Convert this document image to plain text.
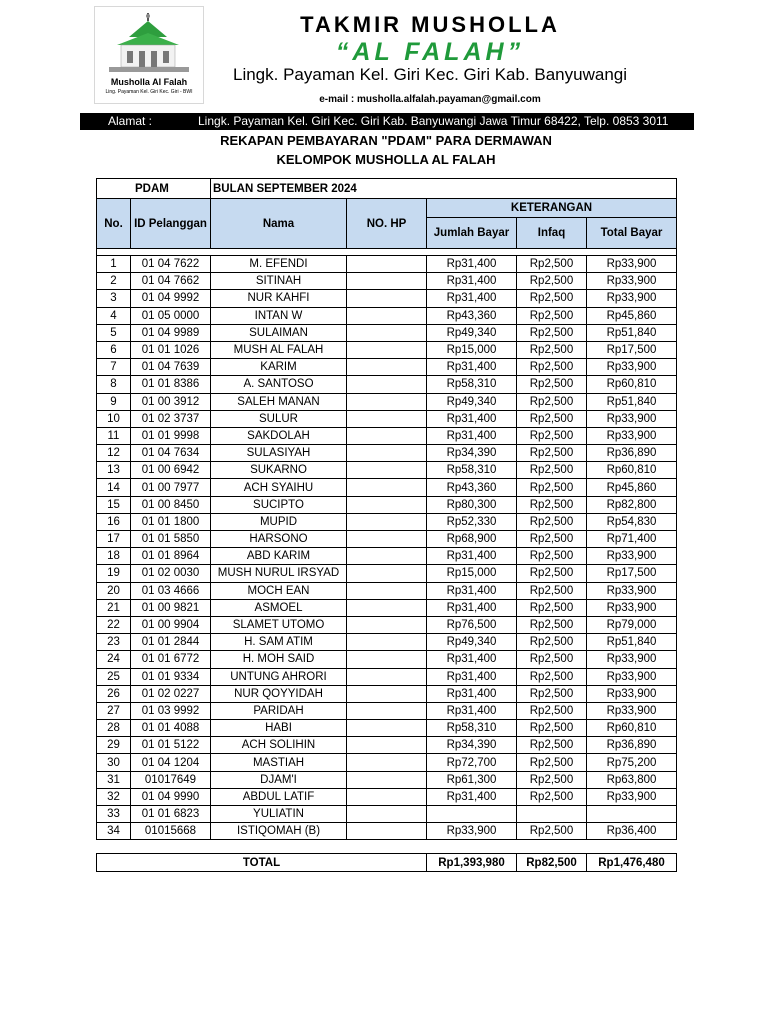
Musholla Al Falah
Ling. Payaman Kel. Giri Kec. Giri - BWI
TAKMIR MUSHOLLA
“AL FALAH”
Lingk. Payaman Kel. Giri Kec. Giri Kab. Banyuwangi
e-mail : musholla.alfalah.payaman@gmail.com
Alamat :	Lingk. Payaman Kel. Giri Kec. Giri Kab. Banyuwangi Jawa Timur 68422, Telp. 0853 3011 5659
REKAPAN PEMBAYARAN "PDAM" PARA DERMAWAN
KELOMPOK MUSHOLLA AL FALAH
PDAM		BULAN SEPTEMBER 2024				
No.	ID Pelanggan	Nama	NO. HP	KETERANGAN		
				Jumlah Bayar	Infaq	Total Bayar

1	01 04 7622	M. EFENDI		Rp31,400	Rp2,500	Rp33,900
2	01 04 7662	SITINAH		Rp31,400	Rp2,500	Rp33,900
3	01 04 9992	NUR KAHFI		Rp31,400	Rp2,500	Rp33,900
4	01 05 0000	INTAN W		Rp43,360	Rp2,500	Rp45,860
5	01 04 9989	SULAIMAN		Rp49,340	Rp2,500	Rp51,840
6	01 01 1026	MUSH AL FALAH		Rp15,000	Rp2,500	Rp17,500
7	01 04 7639	KARIM		Rp31,400	Rp2,500	Rp33,900
8	01 01 8386	A. SANTOSO		Rp58,310	Rp2,500	Rp60,810
9	01 00 3912	SALEH MANAN		Rp49,340	Rp2,500	Rp51,840
10	01 02 3737	SULUR		Rp31,400	Rp2,500	Rp33,900
11	01 01 9998	SAKDOLAH		Rp31,400	Rp2,500	Rp33,900
12	01 04 7634	SULASIYAH		Rp34,390	Rp2,500	Rp36,890
13	01 00 6942	SUKARNO		Rp58,310	Rp2,500	Rp60,810
14	01 00 7977	ACH SYAIHU		Rp43,360	Rp2,500	Rp45,860
15	01 00 8450	SUCIPTO		Rp80,300	Rp2,500	Rp82,800
16	01 01 1800	MUPID		Rp52,330	Rp2,500	Rp54,830
17	01 01 5850	HARSONO		Rp68,900	Rp2,500	Rp71,400
18	01 01 8964	ABD KARIM		Rp31,400	Rp2,500	Rp33,900
19	01 02 0030	MUSH NURUL IRSYAD		Rp15,000	Rp2,500	Rp17,500
20	01 03 4666	MOCH EAN		Rp31,400	Rp2,500	Rp33,900
21	01 00 9821	ASMOEL		Rp31,400	Rp2,500	Rp33,900
22	01 00 9904	SLAMET UTOMO		Rp76,500	Rp2,500	Rp79,000
23	01 01 2844	H. SAM ATIM		Rp49,340	Rp2,500	Rp51,840
24	01 01 6772	H. MOH SAID		Rp31,400	Rp2,500	Rp33,900
25	01 01 9334	UNTUNG AHRORI		Rp31,400	Rp2,500	Rp33,900
26	01 02 0227	NUR QOYYIDAH		Rp31,400	Rp2,500	Rp33,900
27	01 03 9992	PARIDAH		Rp31,400	Rp2,500	Rp33,900
28	01 01 4088	HABI		Rp58,310	Rp2,500	Rp60,810
29	01 01 5122	ACH SOLIHIN		Rp34,390	Rp2,500	Rp36,890
30	01 04 1204	MASTIAH		Rp72,700	Rp2,500	Rp75,200
31	01017649	DJAM'I		Rp61,300	Rp2,500	Rp63,800
32	01 04 9990	ABDUL LATIF		Rp31,400	Rp2,500	Rp33,900
33	01 01 6823	YULIATIN				
34	01015668	ISTIQOMAH (B)		Rp33,900	Rp2,500	Rp36,400
TOTAL	Rp1,393,980	Rp82,500	Rp1,476,480
